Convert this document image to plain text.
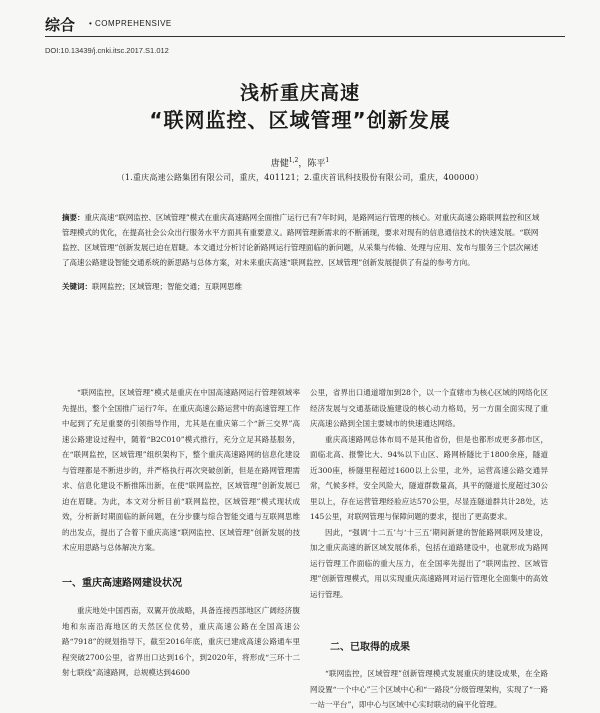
综合 • COMPREHENSIVE
DOI:10.13439/j.cnki.itsc.2017.S1.012
浅析重庆高速
“联网监控、区域管理”创新发展
唐健$^{1,2}$，陈平$^1$
（1.重庆高速公路集团有限公司，重庆，401121；2.重庆首讯科技股份有限公司，重庆，400000）
摘要：重庆高速“联网监控、区域管理”模式在重庆高速路网全面推广运行已有7年时间，是路网运行管理的核心。对重庆高速公路联网监控和区域管理模式的优化，在提高社会公众出行服务水平方面具有重要意义。路网管理新需求的不断涌现，要求对现有的信息通信技术的快速发展。“联网监控、区域管理”创新发展已迫在眉睫。本文通过分析讨论新路网运行管理面临的新问题，从采集与传输、处理与应用、发布与服务三个层次阐述了高速公路建设智能交通系统的新思路与总体方案，对未来重庆高速“联网监控、区域管理”创新发展提供了有益的参考方向。
关键词：联网监控；区域管理；智能交通；互联网思维

“联网监控，区域管理”模式是重庆在中国高速路网运行管理领域率先提出，整个全国推广运行7年。在重庆高速公路运营中的高速管理工作中起到了充足重要的引领指导作用，尤其是在重庆第二个“新三交界”高速公路建设过程中，随着“B2C010”模式推行，充分立足其路基服务，在“联网监控，区域管理”组织架构下，整个重庆高速路网的信息化建设与管理都是不断进步的，并严格执行再次突破创新，但是在路网管理需求、信息化建设不断推陈出新，在使“联网监控，区域管理”创新发展已迫在眉睫。为此，本文对分析目前“联网监控，区域管理”模式现状成效，分析新时期面临的新问题，在分步骤与综合智能交通与互联网思维的出发点，提出了合着下重庆高速“联网监控、区域管理”创新发展的技术应用思路与总体解决方案。

一、重庆高速路网建设状况

重庆地处中国西南，双翼开放战略，具备连接西部地区广阔经济腹地和东南沿海地区的天然区位优势，重庆高速公路在全国高速公路“7918”的规划指导下，截至2016年底，重庆已建成高速公路通车里程突破2700公里，省界出口达到16个，到2020年，将形成“三环十二射七联线”高速路网，总规模达到4600

公里，省界出口通道增加到28个，以一个直辖市为核心区域的网络化区经济发展与交通基础设施建设的核心动力格局，另一方面全面实现了重庆高速公路到全国主要城市的快速通达网络。

重庆高速路网总体布局不是其他省份，但是也都形成更多都市区，面临北高、报警比大、94%以下山区、路网桥隧比于1800余座，隧道近300座，桥隧里程超过1600以上公里，北外，运营高速公路交通异常，气候多样，安全风险大，隧道群数量高，具平的隧道长度超过30公里以上，存在运营管理经验应达570公里，尽显连隧道群共计28处，达145公里，对联网管理与保障问题的要求，提出了更高要求。

因此，“强调‘十二五’与‘十三五’期间新建的智能路网联网及建设，加之重庆高速的新区域发展体系，包括在道路建设中，也就形成为路网运行管理工作面临的重大压力，在全国率先提出了“联网监控、区域管理”创新管理模式，用以实现重庆高速路网对运行管理化全面集中的高效运行管理。

二、已取得的成果

“联网监控，区域管理”创新管理模式发展重庆的建设成果，在全路网设置“一个中心”三个区域中心和“一路段”分级管理架构，实现了“一路一站一平台”，即中心与区域中心实时联动的扁平化管理。
